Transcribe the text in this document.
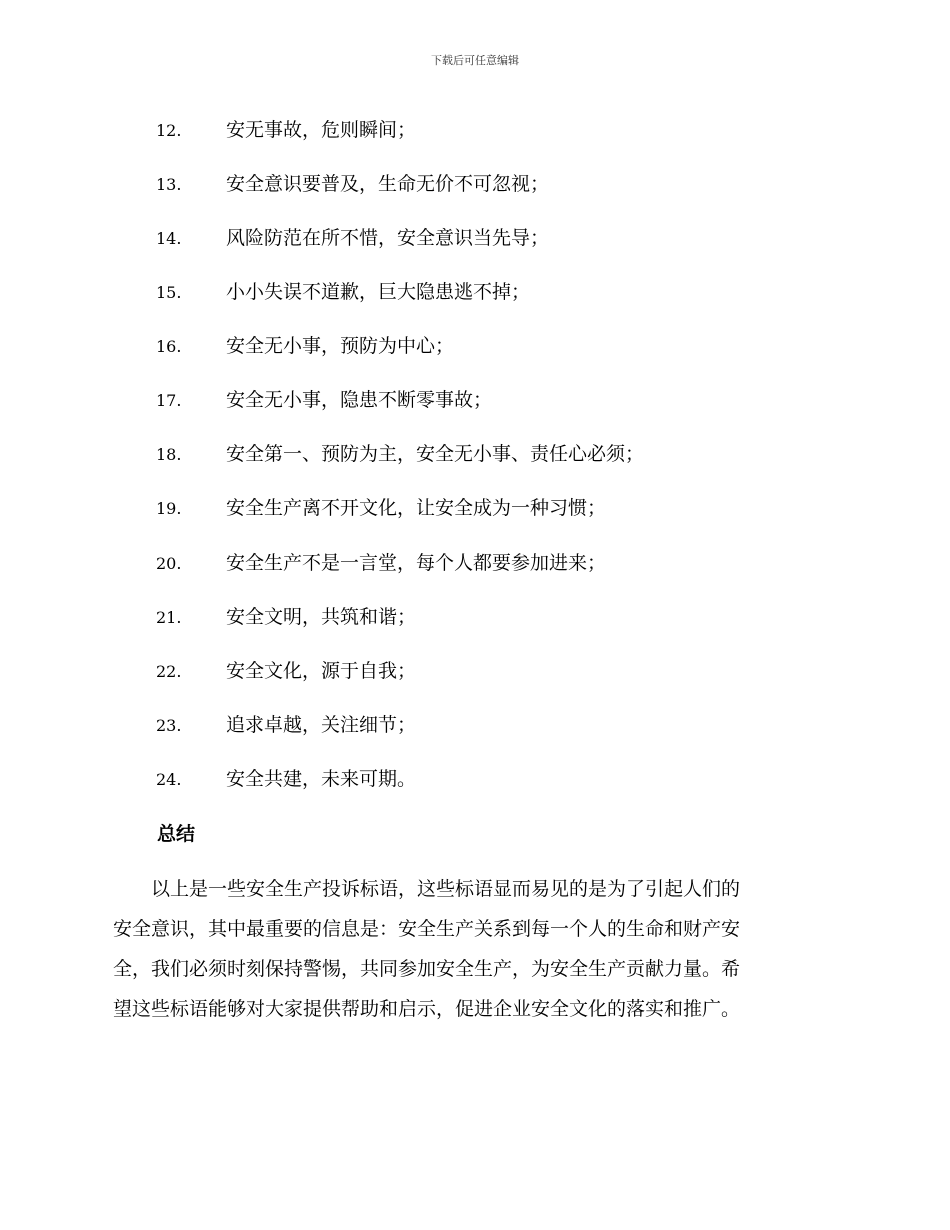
下载后可任意编辑
12. 安无事故，危则瞬间；
13. 安全意识要普及，生命无价不可忽视；
14. 风险防范在所不惜，安全意识当先导；
15. 小小失误不道歉，巨大隐患逃不掉；
16. 安全无小事，预防为中心；
17. 安全无小事，隐患不断零事故；
18. 安全第一、预防为主，安全无小事、责任心必须；
19. 安全生产离不开文化，让安全成为一种习惯；
20. 安全生产不是一言堂，每个人都要参加进来；
21. 安全文明，共筑和谐；
22. 安全文化，源于自我；
23. 追求卓越，关注细节；
24. 安全共建，未来可期。
总结
　　以上是一些安全生产投诉标语，这些标语显而易见的是为了引起人们的
安全意识，其中最重要的信息是：安全生产关系到每一个人的生命和财产安
全，我们必须时刻保持警惕，共同参加安全生产，为安全生产贡献力量。希
望这些标语能够对大家提供帮助和启示，促进企业安全文化的落实和推广。
